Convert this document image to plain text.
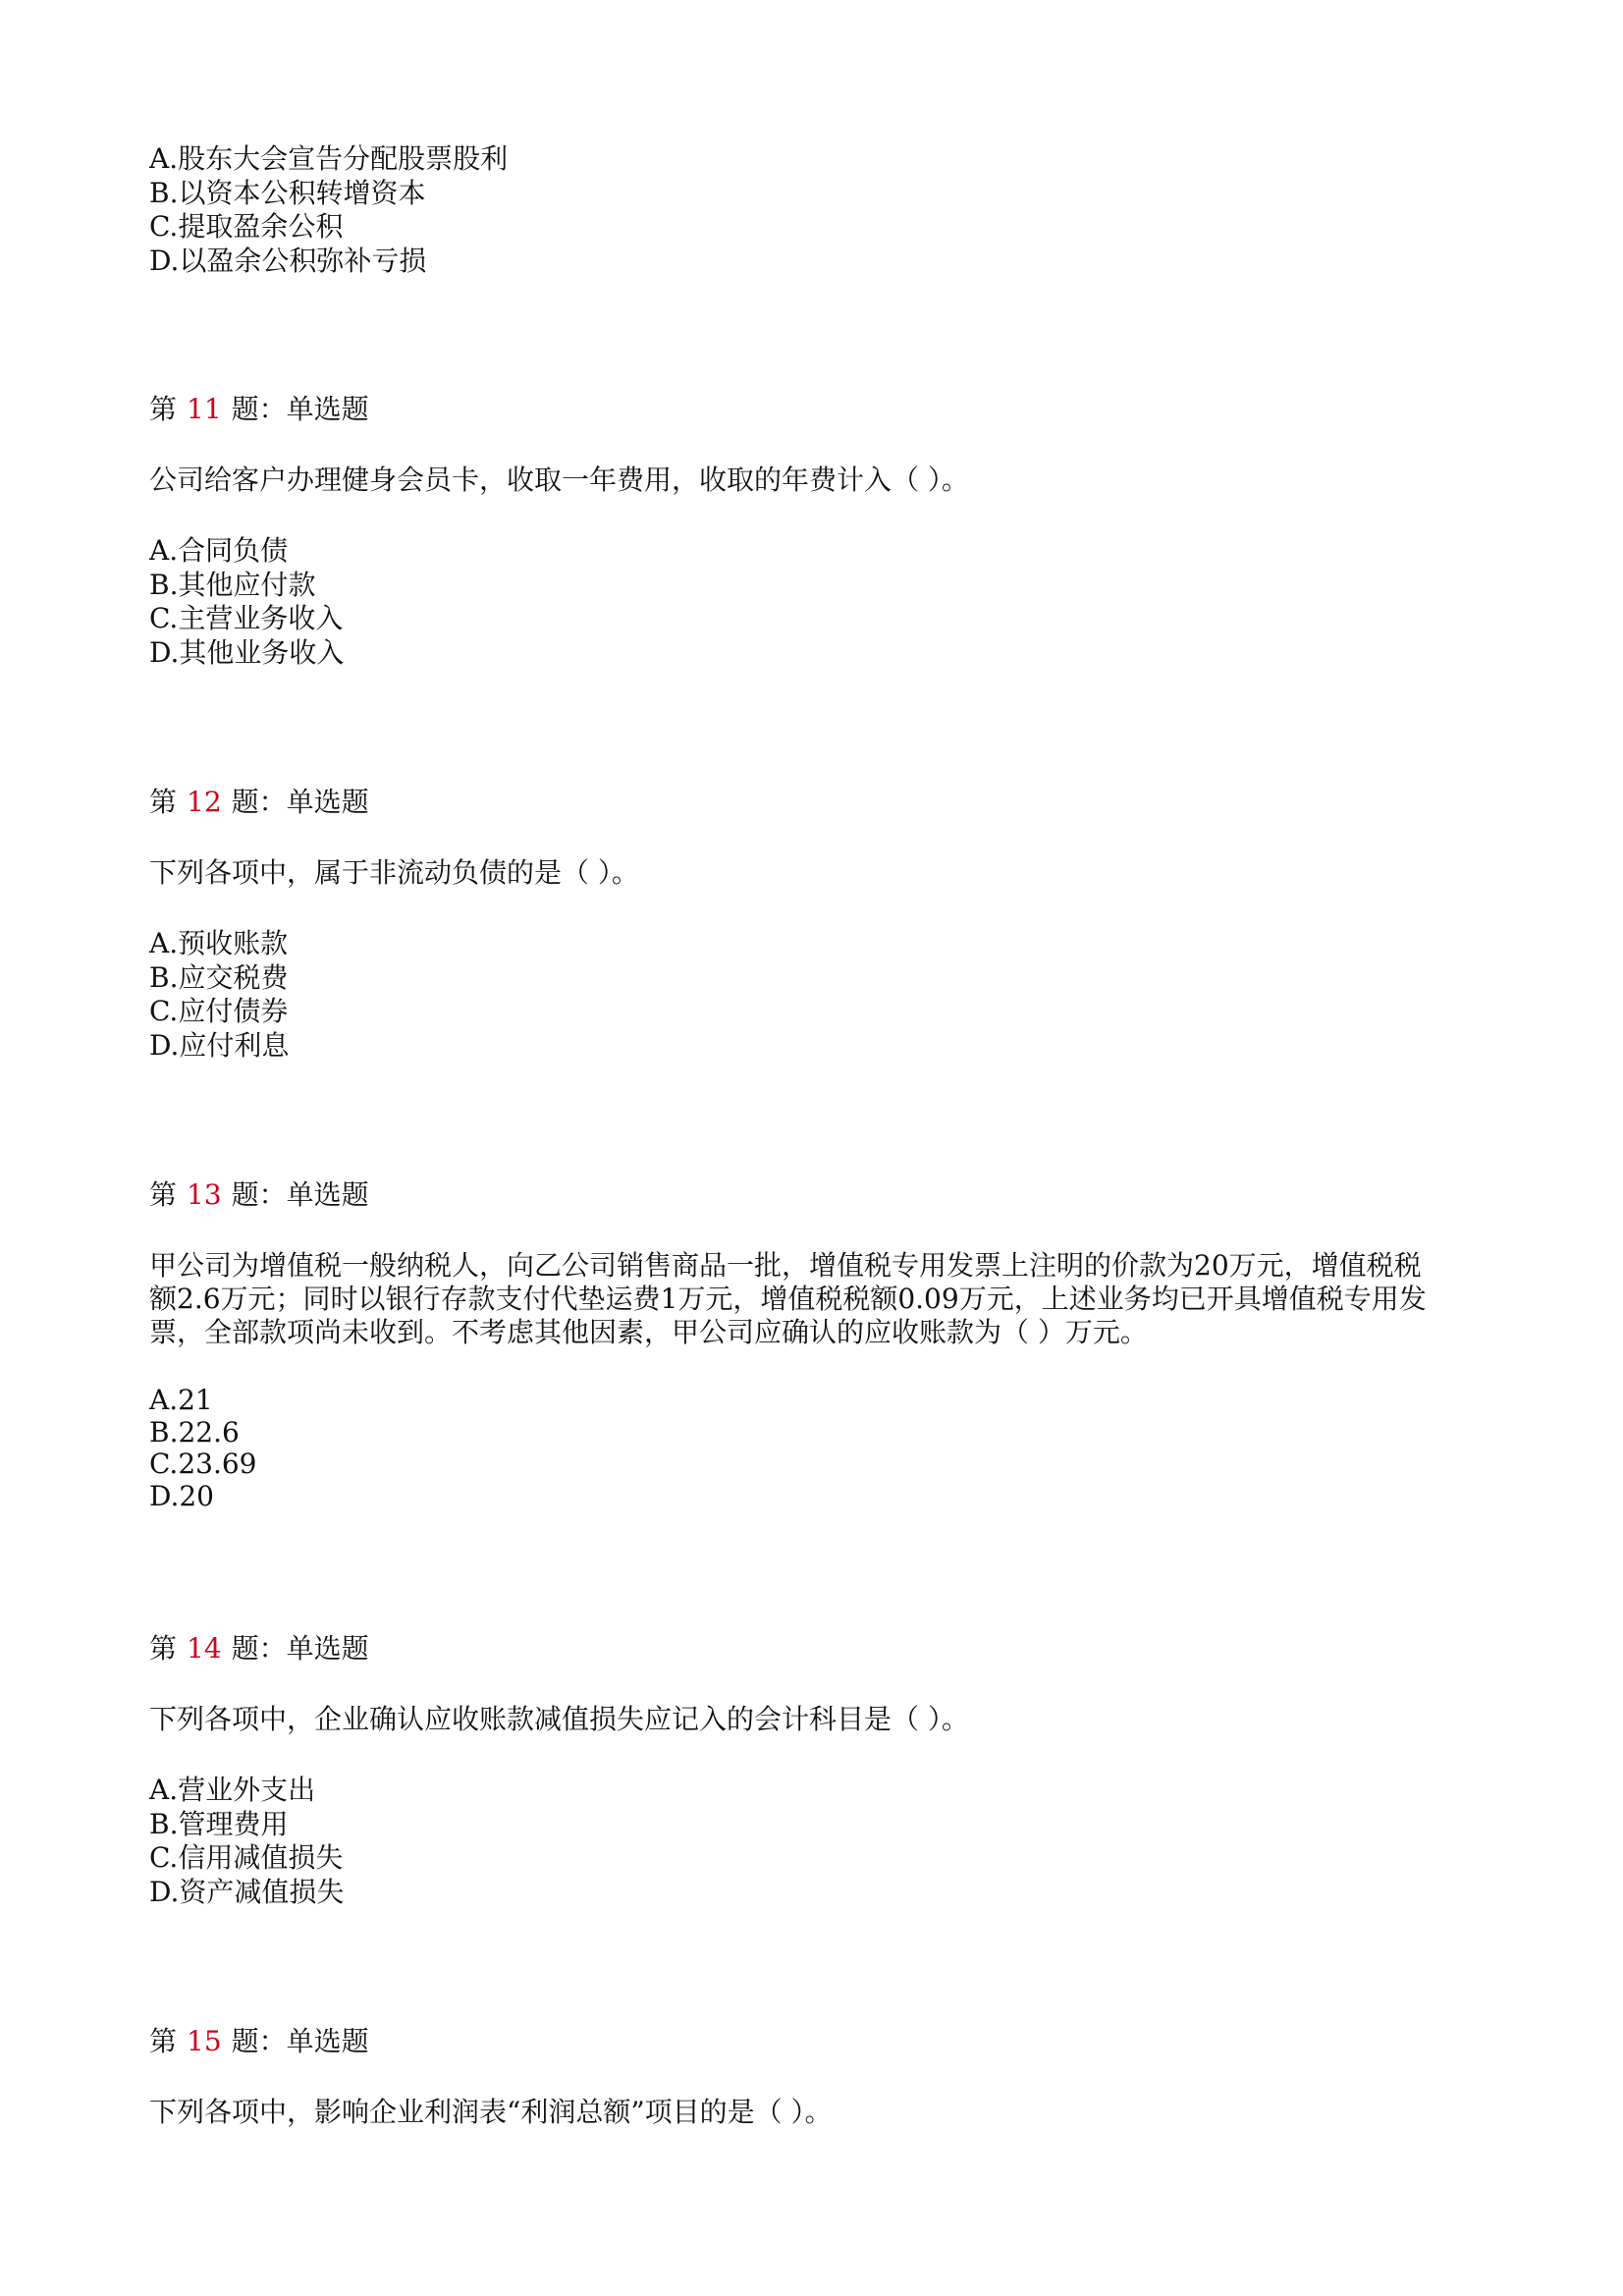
A.股东大会宣告分配股票股利

B.以资本公积转增资本

C.提取盈余公积

D.以盈余公积弥补亏损

第 11 题：单选题

公司给客户办理健身会员卡，收取一年费用，收取的年费计入（ ）。

A.合同负债

B.其他应付款

C.主营业务收入

D.其他业务收入

第 12 题：单选题

下列各项中，属于非流动负债的是（ ）。

A.预收账款

B.应交税费

C.应付债券

D.应付利息

第 13 题：单选题

甲公司为增值税一般纳税人，向乙公司销售商品一批，增值税专用发票上注明的价款为20万元，增值税税
额2.6万元；同时以银行存款支付代垫运费1万元，增值税税额0.09万元，上述业务均已开具增值税专用发
票，全部款项尚未收到。不考虑其他因素，甲公司应确认的应收账款为（ ）万元。

A.21

B.22.6

C.23.69

D.20

第 14 题：单选题

下列各项中，企业确认应收账款减值损失应记入的会计科目是（ ）。

A.营业外支出

B.管理费用

C.信用减值损失

D.资产减值损失

第 15 题：单选题

下列各项中，影响企业利润表“利润总额”项目的是（ ）。
